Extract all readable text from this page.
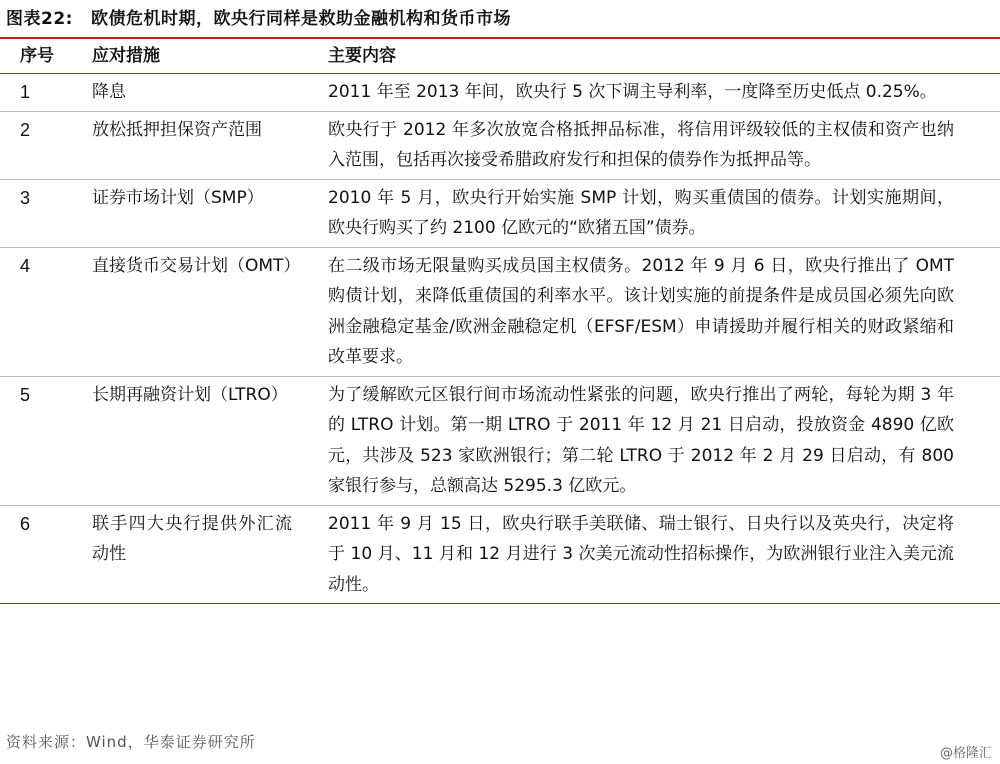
图表22: 欧债危机时期，欧央行同样是救助金融机构和货币市场
序号	应对措施	主要内容
1	降息	2011 年至 2013 年间，欧央行 5 次下调主导利率，一度降至历史低点 0.25%。
2	放松抵押担保资产范围	欧央行于 2012 年多次放宽合格抵押品标准，将信用评级较低的主权债和资产也纳入范围，包括再次接受希腊政府发行和担保的债券作为抵押品等。
3	证券市场计划（SMP）	2010 年 5 月，欧央行开始实施 SMP 计划，购买重债国的债券。计划实施期间，欧央行购买了约 2100 亿欧元的“欧猪五国”债券。
4	直接货币交易计划（OMT）	在二级市场无限量购买成员国主权债务。2012 年 9 月 6 日，欧央行推出了 OMT 购债计划，来降低重债国的利率水平。该计划实施的前提条件是成员国必须先向欧洲金融稳定基金/欧洲金融稳定机（EFSF/ESM）申请援助并履行相关的财政紧缩和改革要求。
5	长期再融资计划（LTRO）	为了缓解欧元区银行间市场流动性紧张的问题，欧央行推出了两轮，每轮为期 3 年的 LTRO 计划。第一期 LTRO 于 2011 年 12 月 21 日启动，投放资金 4890 亿欧元，共涉及 523 家欧洲银行；第二轮 LTRO 于 2012 年 2 月 29 日启动，有 800 家银行参与，总额高达 5295.3 亿欧元。
6	联手四大央行提供外汇流动性	2011 年 9 月 15 日，欧央行联手美联储、瑞士银行、日央行以及英央行，决定将于 10 月、11 月和 12 月进行 3 次美元流动性招标操作，为欧洲银行业注入美元流动性。
资料来源：Wind，华泰证券研究所
@格隆汇
